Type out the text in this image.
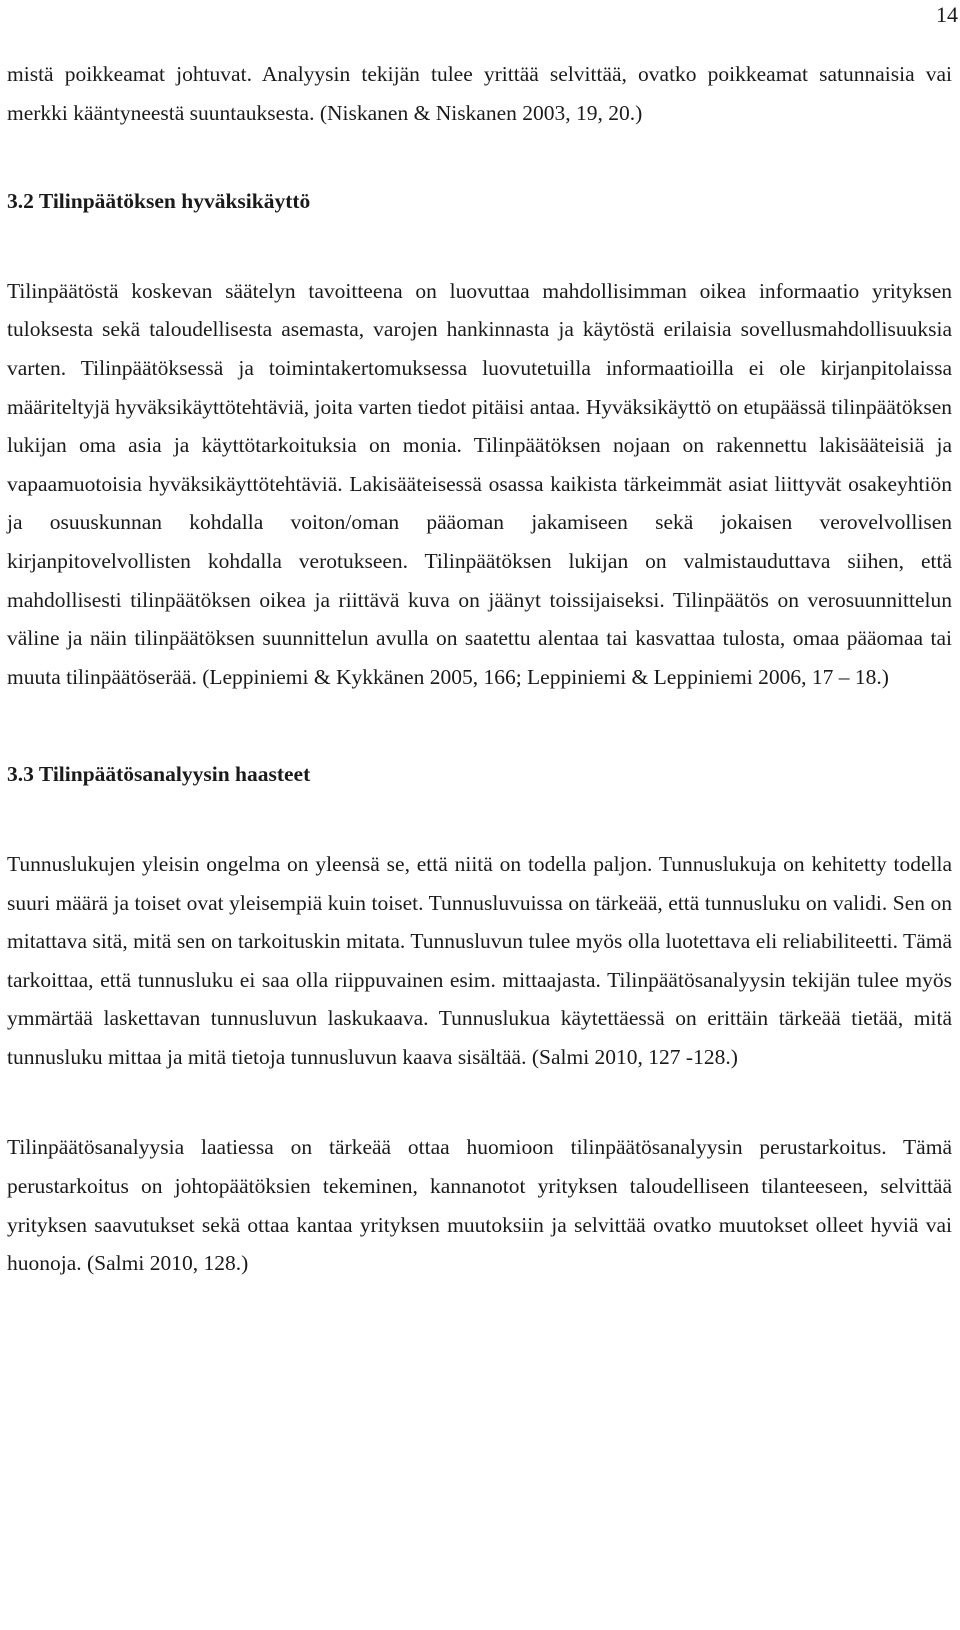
14

mistä poikkeamat johtuvat. Analyysin tekijän tulee yrittää selvittää, ovatko poikkeamat satunnaisia vai merkki kääntyneestä suuntauksesta. (Niskanen & Niskanen 2003, 19, 20.)

3.2 Tilinpäätöksen hyväksikäyttö

Tilinpäätöstä koskevan säätelyn tavoitteena on luovuttaa mahdollisimman oikea informaatio yrityksen tuloksesta sekä taloudellisesta asemasta, varojen hankinnasta ja käytöstä erilaisia sovellusmahdollisuuksia varten. Tilinpäätöksessä ja toimintakertomuksessa luovutetuilla informaatioilla ei ole kirjanpitolaissa määriteltyjä hyväksikäyttötehtäviä, joita varten tiedot pitäisi antaa. Hyväksikäyttö on etupäässä tilinpäätöksen lukijan oma asia ja käyttötarkoituksia on monia. Tilinpäätöksen nojaan on rakennettu lakisääteisiä ja vapaamuotoisia hyväksikäyttötehtäviä. Lakisääteisessä osassa kaikista tärkeimmät asiat liittyvät osakeyhtiön ja osuuskunnan kohdalla voiton/oman pääoman jakamiseen sekä jokaisen verovelvollisen kirjanpitovelvollisten kohdalla verotukseen. Tilinpäätöksen lukijan on valmistauduttava siihen, että mahdollisesti tilinpäätöksen oikea ja riittävä kuva on jäänyt toissijaiseksi. Tilinpäätös on verosuunnittelun väline ja näin tilinpäätöksen suunnittelun avulla on saatettu alentaa tai kasvattaa tulosta, omaa pääomaa tai muuta tilinpäätöserää. (Leppiniemi & Kykkänen 2005, 166; Leppiniemi & Leppiniemi 2006, 17 – 18.)

3.3 Tilinpäätösanalyysin haasteet

Tunnuslukujen yleisin ongelma on yleensä se, että niitä on todella paljon. Tunnuslukuja on kehitetty todella suuri määrä ja toiset ovat yleisempiä kuin toiset. Tunnusluvuissa on tärkeää, että tunnusluku on validi. Sen on mitattava sitä, mitä sen on tarkoituskin mitata. Tunnusluvun tulee myös olla luotettava eli reliabiliteetti. Tämä tarkoittaa, että tunnusluku ei saa olla riippuvainen esim. mittaajasta. Tilinpäätösanalyysin tekijän tulee myös ymmärtää laskettavan tunnusluvun laskukaava. Tunnuslukua käytettäessä on erittäin tärkeää tietää, mitä tunnusluku mittaa ja mitä tietoja tunnusluvun kaava sisältää. (Salmi 2010, 127 -128.)

Tilinpäätösanalyysia laatiessa on tärkeää ottaa huomioon tilinpäätösanalyysin perustarkoitus. Tämä perustarkoitus on johtopäätöksien tekeminen, kannanotot yrityksen taloudelliseen tilanteeseen, selvittää yrityksen saavutukset sekä ottaa kantaa yrityksen muutoksiin ja selvittää ovatko muutokset olleet hyviä vai huonoja. (Salmi 2010, 128.)
